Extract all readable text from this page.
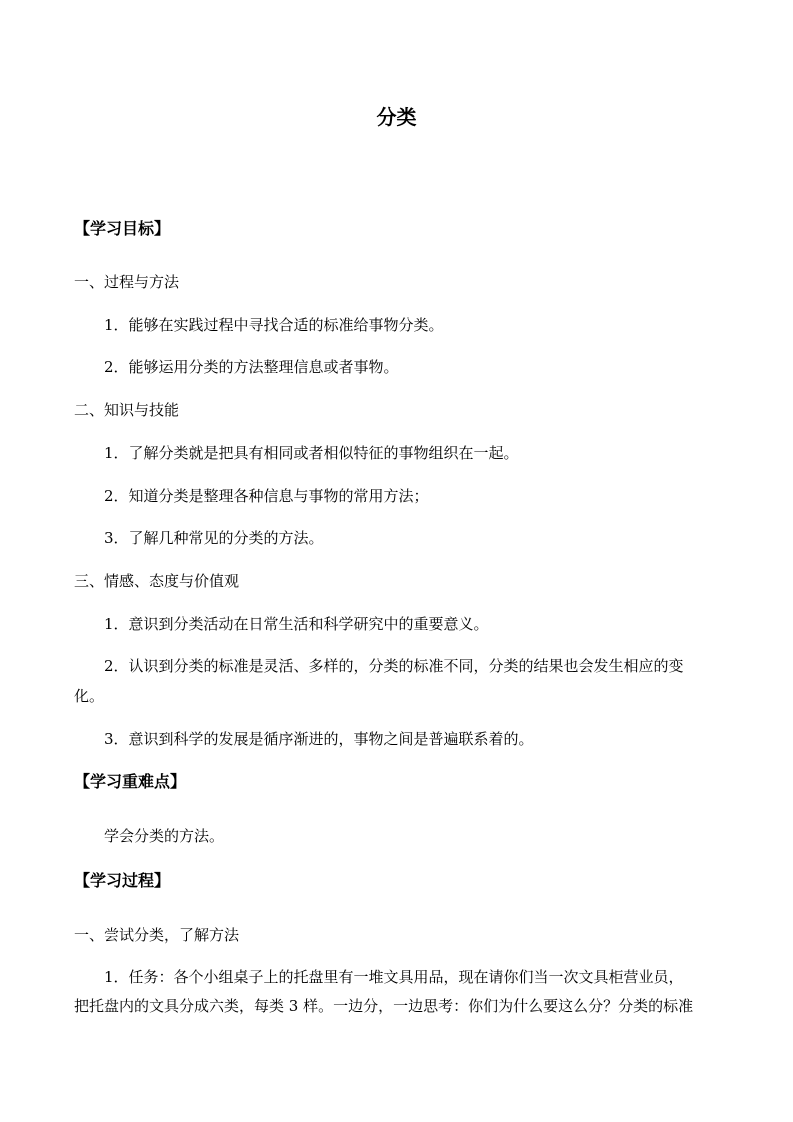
分类
【学习目标】
一、过程与方法
1．能够在实践过程中寻找合适的标准给事物分类。
2．能够运用分类的方法整理信息或者事物。
二、知识与技能
1．了解分类就是把具有相同或者相似特征的事物组织在一起。
2．知道分类是整理各种信息与事物的常用方法；
3．了解几种常见的分类的方法。
三、情感、态度与价值观
1．意识到分类活动在日常生活和科学研究中的重要意义。
2．认识到分类的标准是灵活、多样的，分类的标准不同，分类的结果也会发生相应的变
化。
3．意识到科学的发展是循序渐进的，事物之间是普遍联系着的。
【学习重难点】
学会分类的方法。
【学习过程】
一、尝试分类，了解方法
1．任务：各个小组桌子上的托盘里有一堆文具用品，现在请你们当一次文具柜营业员，
把托盘内的文具分成六类，每类 3 样。一边分，一边思考：你们为什么要这么分？分类的标准
